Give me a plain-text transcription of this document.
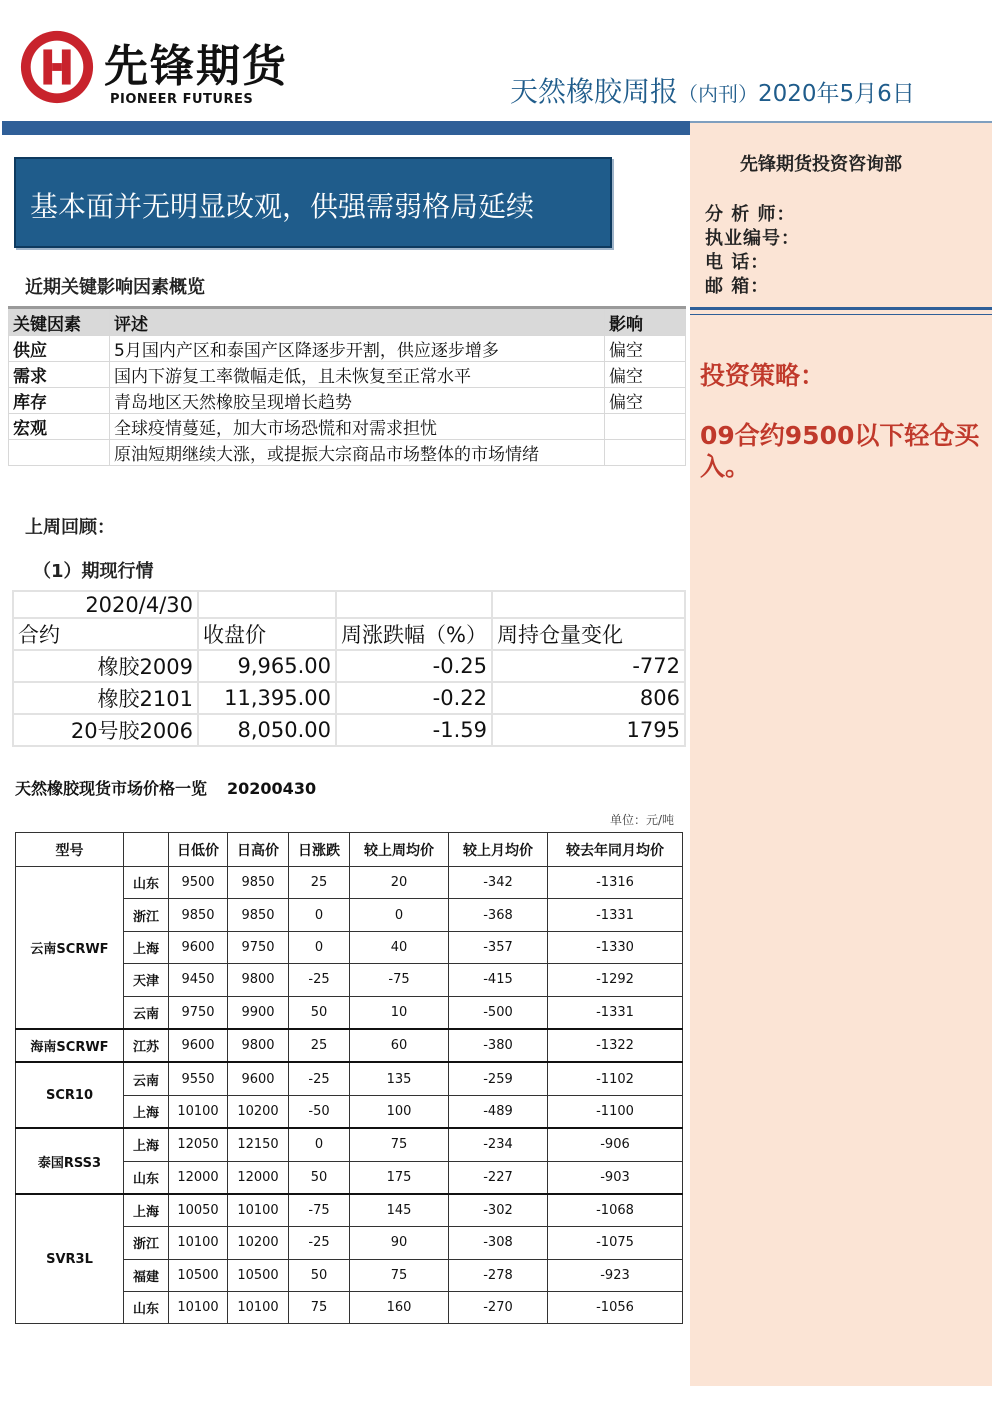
先锋期货
PIONEER FUTURES	天然橡胶周报（内刊）2020年5月6日
先锋期货投资咨询部
分 析 师：
执业编号：
电 话：
邮 箱：
投资策略：
09合约9500以下轻仓买入。
基本面并无明显改观，供强需弱格局延续
近期关键影响因素概览
关键因素	评述	影响
供应	5月国内产区和泰国产区降逐步开割，供应逐步增多	偏空
需求	国内下游复工率微幅走低，且未恢复至正常水平	偏空
库存	青岛地区天然橡胶呈现增长趋势	偏空
宏观	全球疫情蔓延，加大市场恐慌和对需求担忧	
	原油短期继续大涨，或提振大宗商品市场整体的市场情绪	
上周回顾：
（1）期现行情
2020/4/30			
合约	收盘价	周涨跌幅（%）	周持仓量变化
橡胶2009	9,965.00	-0.25	-772
橡胶2101	11,395.00	-0.22	806
20号胶2006	8,050.00	-1.59	1795
天然橡胶现货市场价格一览 20200430
单位：元/吨
型号		日低价	日高价	日涨跌	较上周均价	较上月均价	较去年同月均价
云南SCRWF	山东	9500	9850	25	20	-342	-1316
	浙江	9850	9850	0	0	-368	-1331
	上海	9600	9750	0	40	-357	-1330
	天津	9450	9800	-25	-75	-415	-1292
	云南	9750	9900	50	10	-500	-1331
海南SCRWF	江苏	9600	9800	25	60	-380	-1322
SCR10	云南	9550	9600	-25	135	-259	-1102
	上海	10100	10200	-50	100	-489	-1100
泰国RSS3	上海	12050	12150	0	75	-234	-906
	山东	12000	12000	50	175	-227	-903
SVR3L	上海	10050	10100	-75	145	-302	-1068
	浙江	10100	10200	-25	90	-308	-1075
	福建	10500	10500	50	75	-278	-923
	山东	10100	10100	75	160	-270	-1056
